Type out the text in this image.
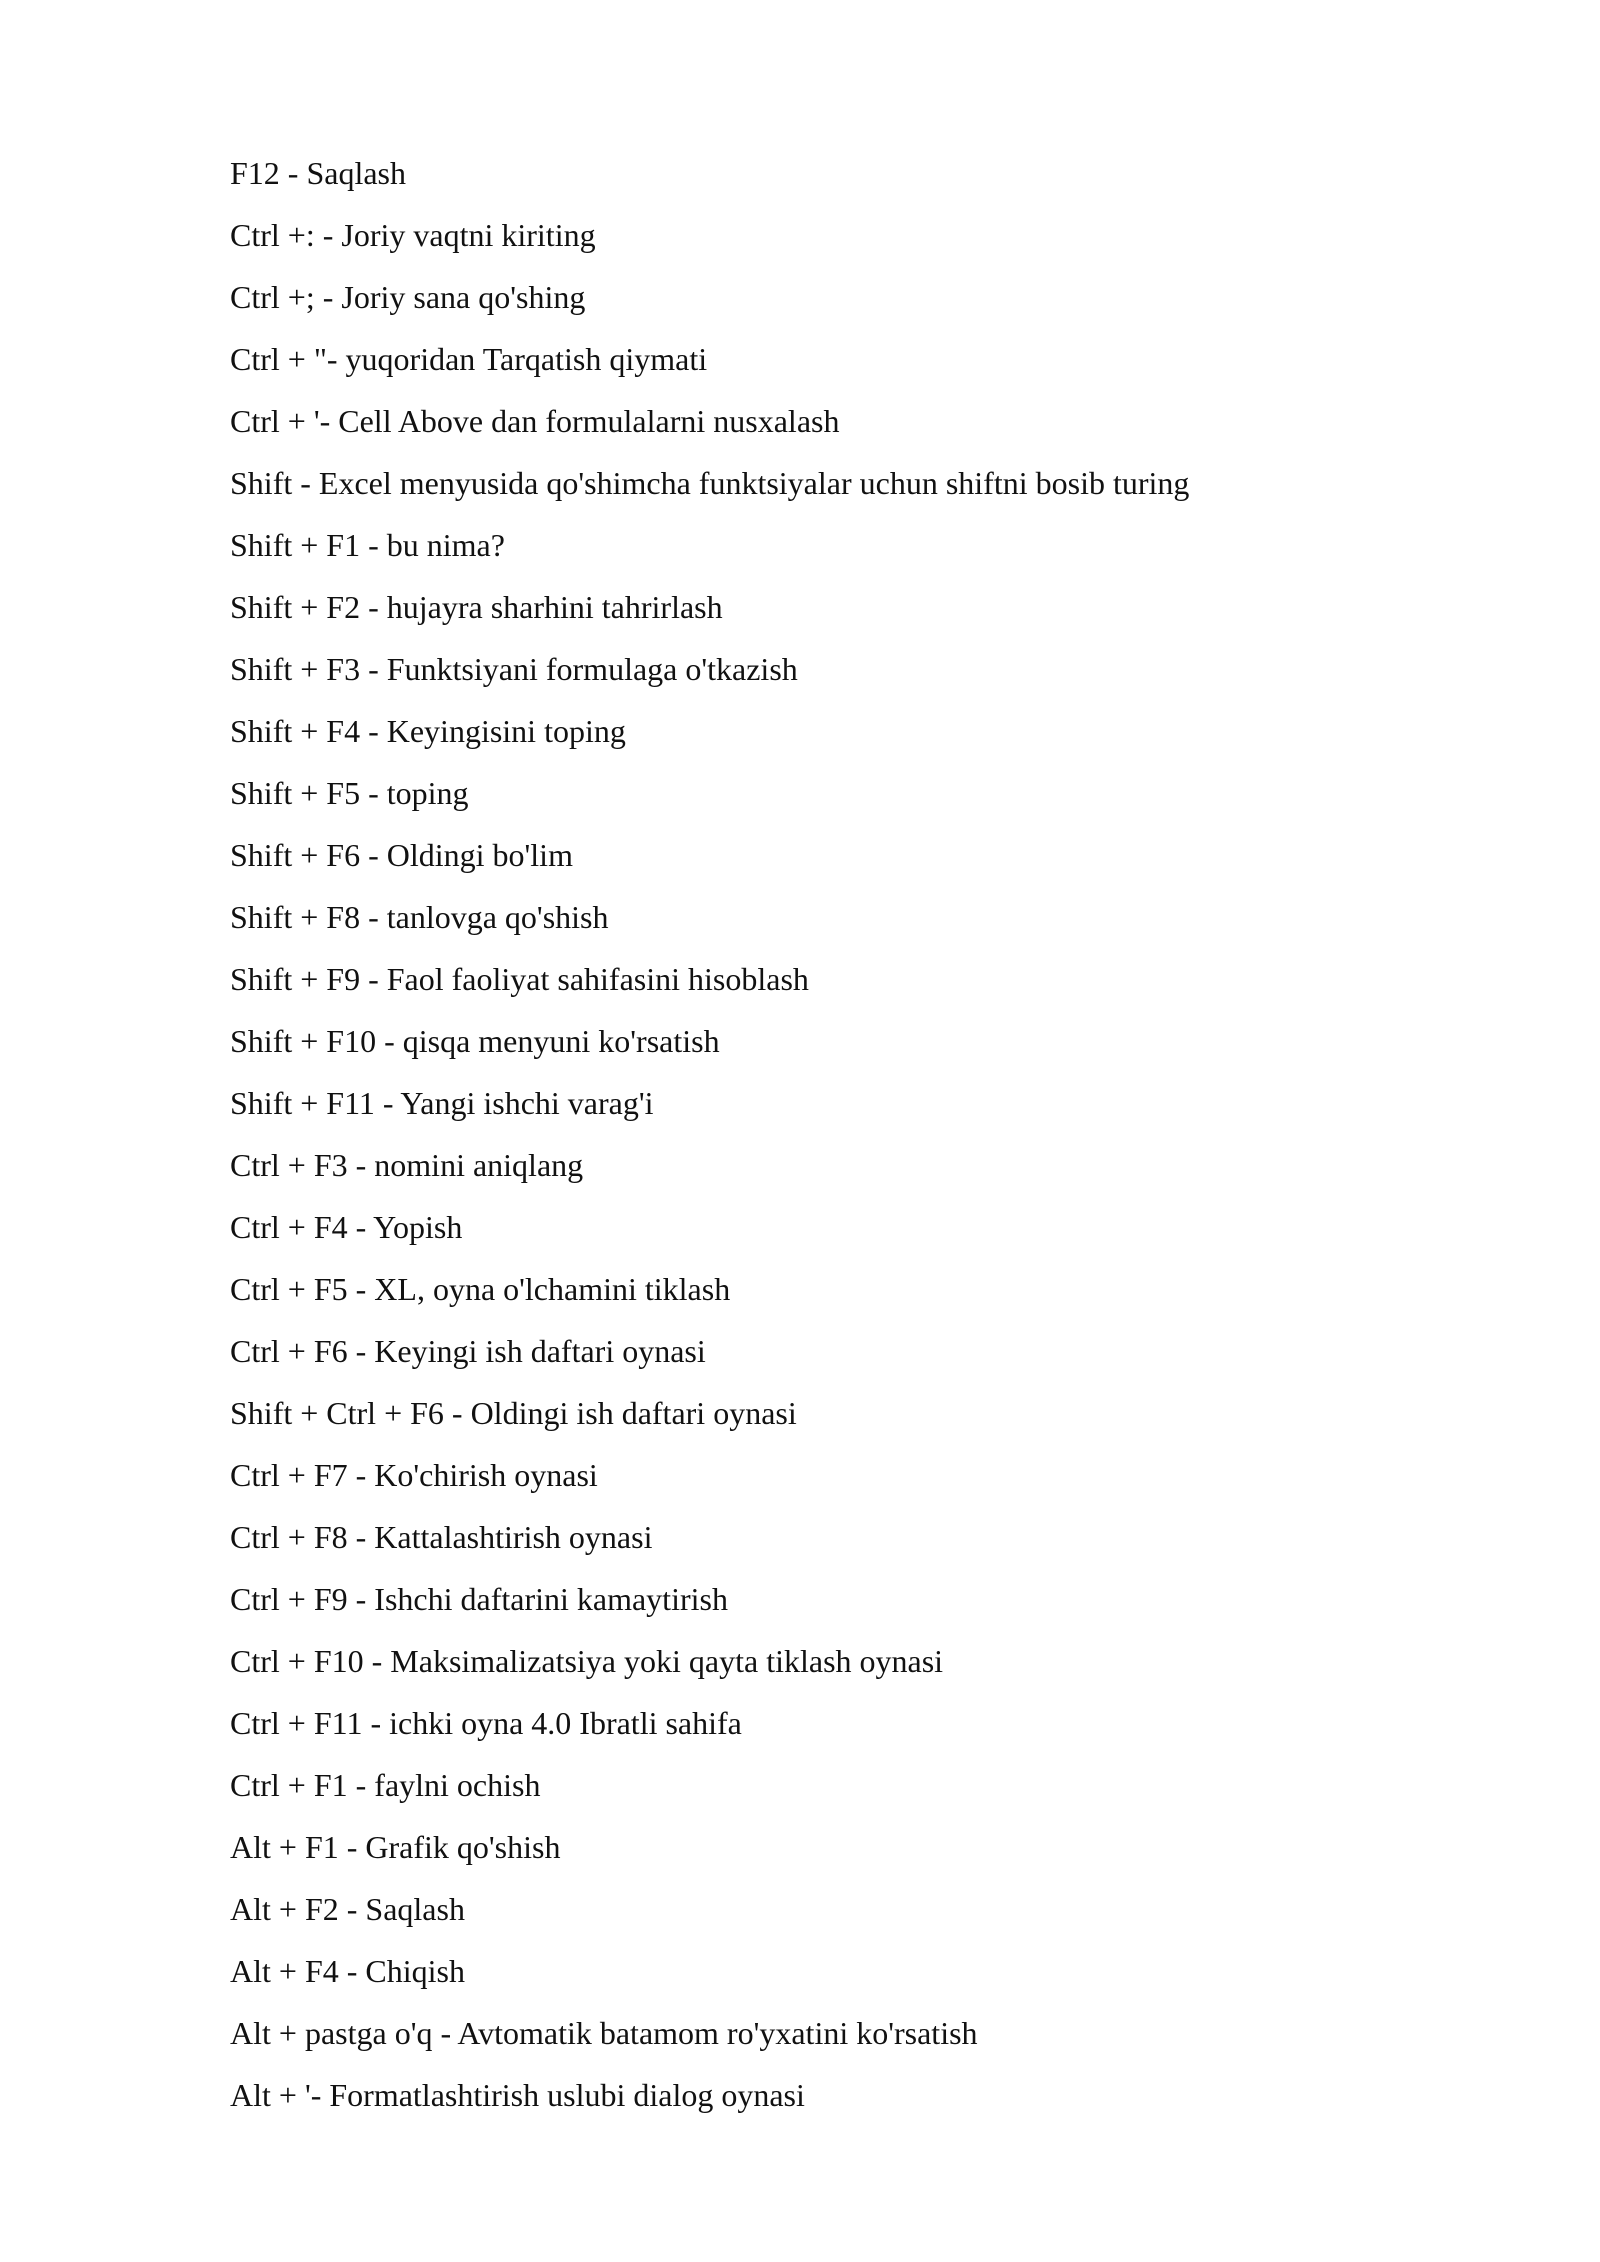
F12 - Saqlash
Ctrl +: - Joriy vaqtni kiriting
Ctrl +; - Joriy sana qo'shing
Ctrl + "- yuqoridan Tarqatish qiymati
Ctrl + '- Cell Above dan formulalarni nusxalash
Shift - Excel menyusida qo'shimcha funktsiyalar uchun shiftni bosib turing
Shift + F1 - bu nima?
Shift + F2 - hujayra sharhini tahrirlash
Shift + F3 - Funktsiyani formulaga o'tkazish
Shift + F4 - Keyingisini toping
Shift + F5 - toping
Shift + F6 - Oldingi bo'lim
Shift + F8 - tanlovga qo'shish
Shift + F9 - Faol faoliyat sahifasini hisoblash
Shift + F10 - qisqa menyuni ko'rsatish
Shift + F11 - Yangi ishchi varag'i
Ctrl + F3 - nomini aniqlang
Ctrl + F4 - Yopish
Ctrl + F5 - XL, oyna o'lchamini tiklash
Ctrl + F6 - Keyingi ish daftari oynasi
Shift + Ctrl + F6 - Oldingi ish daftari oynasi
Ctrl + F7 - Ko'chirish oynasi
Ctrl + F8 - Kattalashtirish oynasi
Ctrl + F9 - Ishchi daftarini kamaytirish
Ctrl + F10 - Maksimalizatsiya yoki qayta tiklash oynasi
Ctrl + F11 - ichki oyna 4.0 Ibratli sahifa
Ctrl + F1 - faylni ochish
Alt + F1 - Grafik qo'shish
Alt + F2 - Saqlash
Alt + F4 - Chiqish
Alt + pastga o'q - Avtomatik batamom ro'yxatini ko'rsatish
Alt + '- Formatlashtirish uslubi dialog oynasi
